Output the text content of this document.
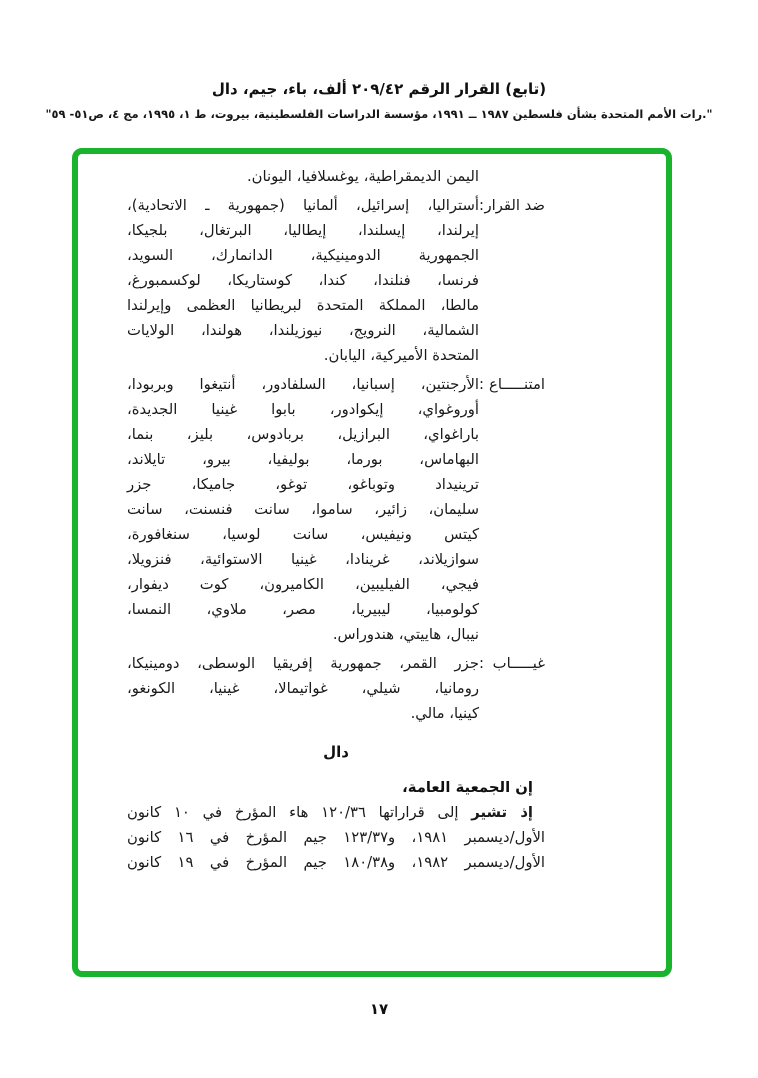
(تابع) القرار الرقم ٢٠٩/٤٢ ألف، باء، جيم، دال
".رات الأمم المتحدة بشأن فلسطين ١٩٨٧ ــ ١٩٩١، مؤسسة الدراسات الفلسطينية، بيروت، ط ١، ١٩٩٥، مج ٤، ص٥١- ٥٩"
اليمن الديمقراطية، يوغسلافيا، اليونان.
ضد القرار
:
أستراليا، إسرائيل، ألمانيا (جمهورية ـ الاتحادية)،
إيرلندا، إيسلندا، إيطاليا، البرتغال، بلجيكا،
الجمهورية الدومينيكية، الدانمارك، السويد،
فرنسا، فنلندا، كندا، كوستاريكا، لوكسمبورغ،
مالطا، المملكة المتحدة لبريطانيا العظمى وإيرلندا
الشمالية، النرويج، نيوزيلندا، هولندا، الولايات
المتحدة الأميركية، اليابان.
امتنـــــاع
:
الأرجنتين، إسبانيا، السلفادور، أنتيغوا وبربودا،
أوروغواي، إيكوادور، بابوا غينيا الجديدة،
باراغواي، البرازيل، بربادوس، بليز، بنما،
البهاماس، بورما، بوليفيا، بيرو، تايلاند،
ترينيداد وتوباغو، توغو، جاميكا، جزر
سليمان، زائير، ساموا، سانت فنسنت، سانت
كيتس ونيفيس، سانت لوسيا، سنغافورة،
سوازيلاند، غرينادا، غينيا الاستوائية، فنزويلا،
فيجي، الفيليبين، الكاميرون، كوت ديفوار،
كولومبيا، ليبيريا، مصر، ملاوي، النمسا،
نيبال، هاييتي، هندوراس.
غيـــــاب
:
جزر القمر، جمهورية إفريقيا الوسطى، دومينيكا،
رومانيا، شيلي، غواتيمالا، غينيا، الكونغو،
كينيا، مالي.
دال
إن الجمعية العامة،
إذ تشير إلى قراراتها ١٢٠/٣٦ هاء المؤرخ في ١٠ كانون
الأول/ديسمبر ١٩٨١، و١٢٣/٣٧ جيم المؤرخ في ١٦ كانون
الأول/ديسمبر ١٩٨٢، و١٨٠/٣٨ جيم المؤرخ في ١٩ كانون
١٧
